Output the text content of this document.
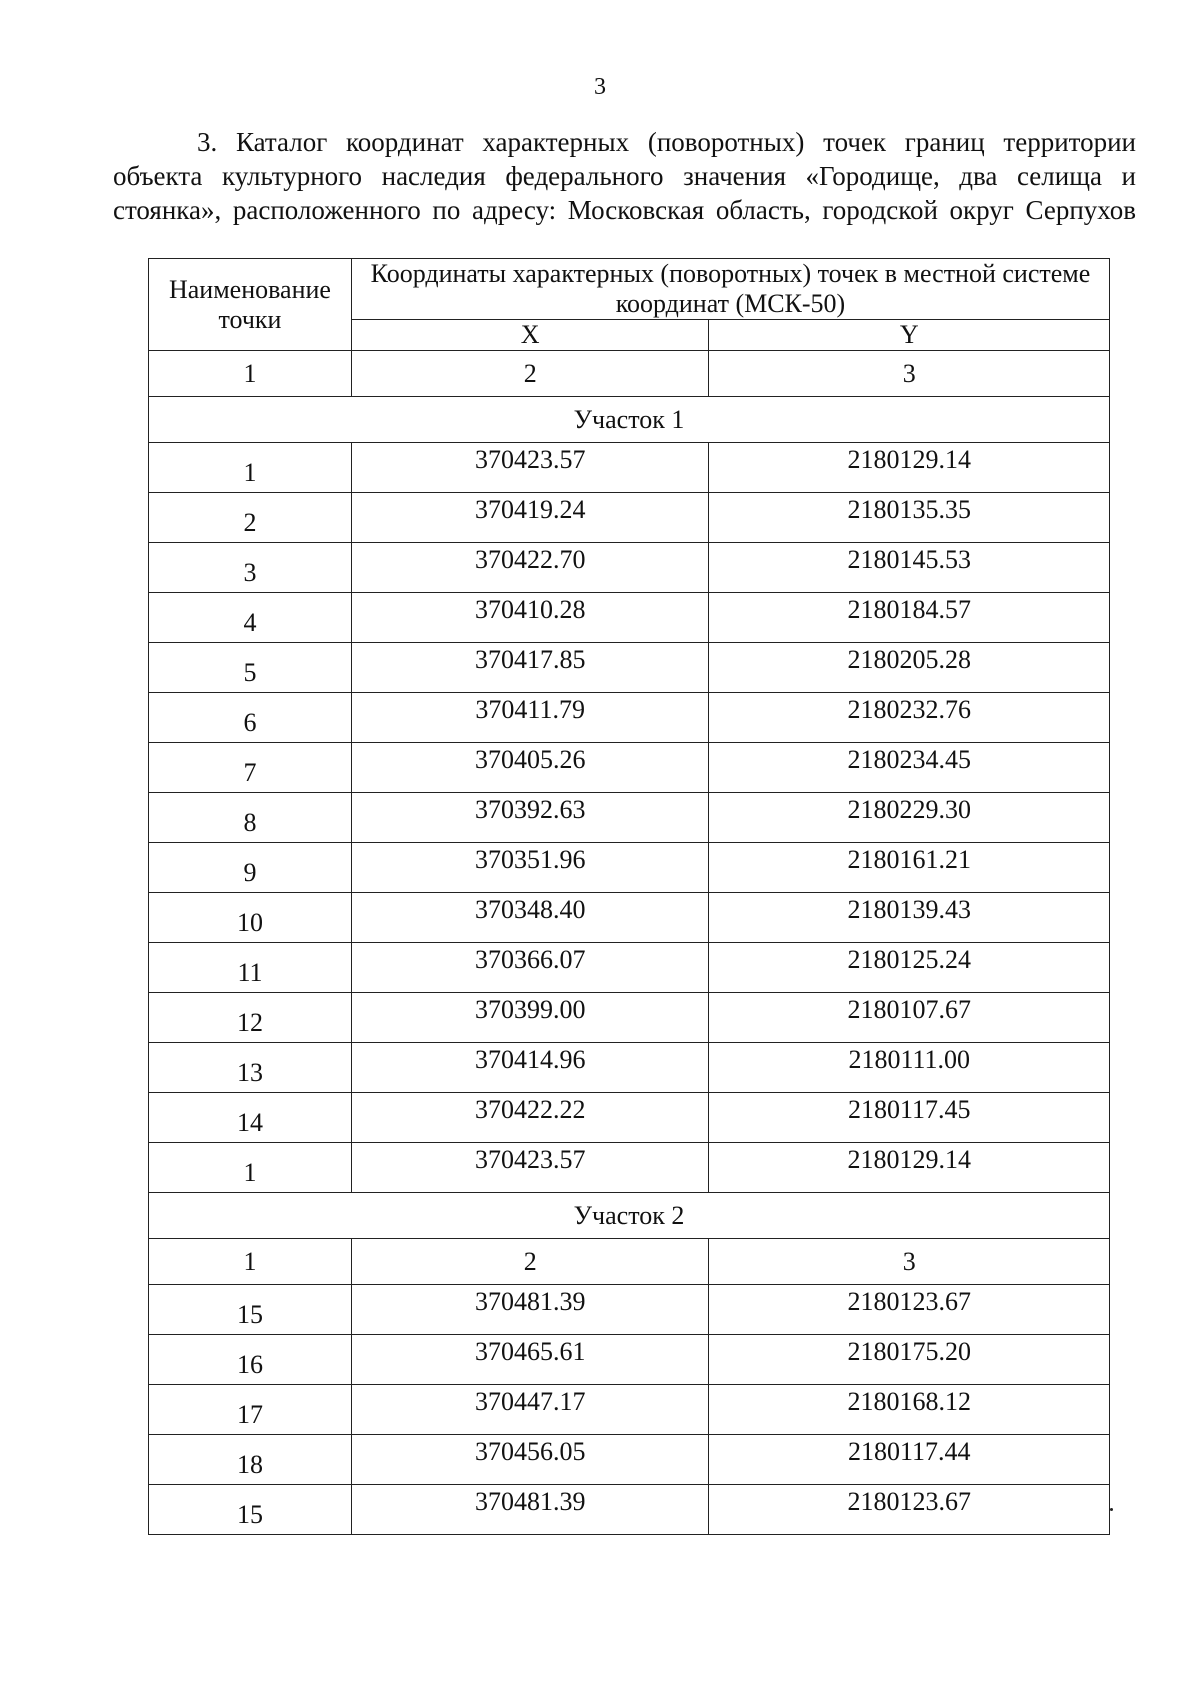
3
3. Каталог координат характерных (поворотных) точек границ территории
объекта культурного наследия федерального значения «Городище, два селища и
стоянка», расположенного по адресу: Московская область, городской округ Серпухов
Наименование точки	Координаты характерных (поворотных) точек в местной системе координат (МСК-50)	
	X	Y
1	2	3
Участок 1		
1	370423.57	2180129.14
2	370419.24	2180135.35
3	370422.70	2180145.53
4	370410.28	2180184.57
5	370417.85	2180205.28
6	370411.79	2180232.76
7	370405.26	2180234.45
8	370392.63	2180229.30
9	370351.96	2180161.21
10	370348.40	2180139.43
11	370366.07	2180125.24
12	370399.00	2180107.67
13	370414.96	2180111.00
14	370422.22	2180117.45
1	370423.57	2180129.14
Участок 2		
1	2	3
15	370481.39	2180123.67
16	370465.61	2180175.20
17	370447.17	2180168.12
18	370456.05	2180117.44
15	370481.39	2180123.67
